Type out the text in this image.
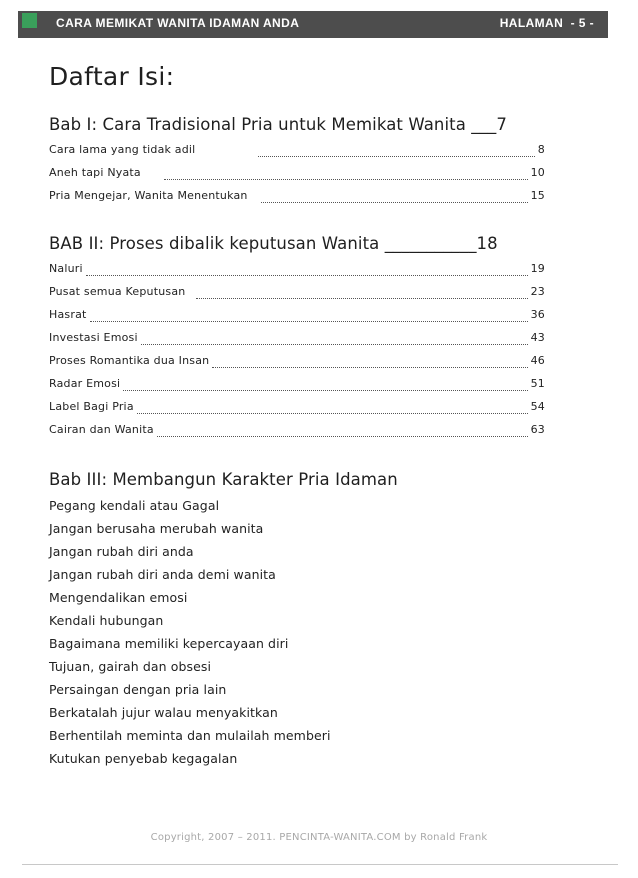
CARA MEMIKAT WANITA IDAMAN ANDA	HALAMAN  - 5 -
Daftar Isi:
Bab I: Cara Tradisional Pria untuk Memikat Wanita ___7
Cara lama yang tidak adil	8
Aneh tapi Nyata	10
Pria Mengejar, Wanita Menentukan	15
BAB II: Proses dibalik keputusan Wanita ___________18
Naluri	19
Pusat semua Keputusan	23
Hasrat	36
Investasi Emosi	43
Proses Romantika dua Insan	46
Radar Emosi	51
Label Bagi Pria	54
Cairan dan Wanita	63
Bab III: Membangun Karakter Pria Idaman
Pegang kendali atau Gagal
Jangan berusaha merubah wanita
Jangan rubah diri anda
Jangan rubah diri anda demi wanita
Mengendalikan emosi
Kendali hubungan
Bagaimana memiliki kepercayaan diri
Tujuan, gairah dan obsesi
Persaingan dengan pria lain
Berkatalah jujur walau menyakitkan
Berhentilah meminta dan mulailah memberi
Kutukan penyebab kegagalan
Copyright, 2007 – 2011. PENCINTA-WANITA.COM by Ronald Frank
